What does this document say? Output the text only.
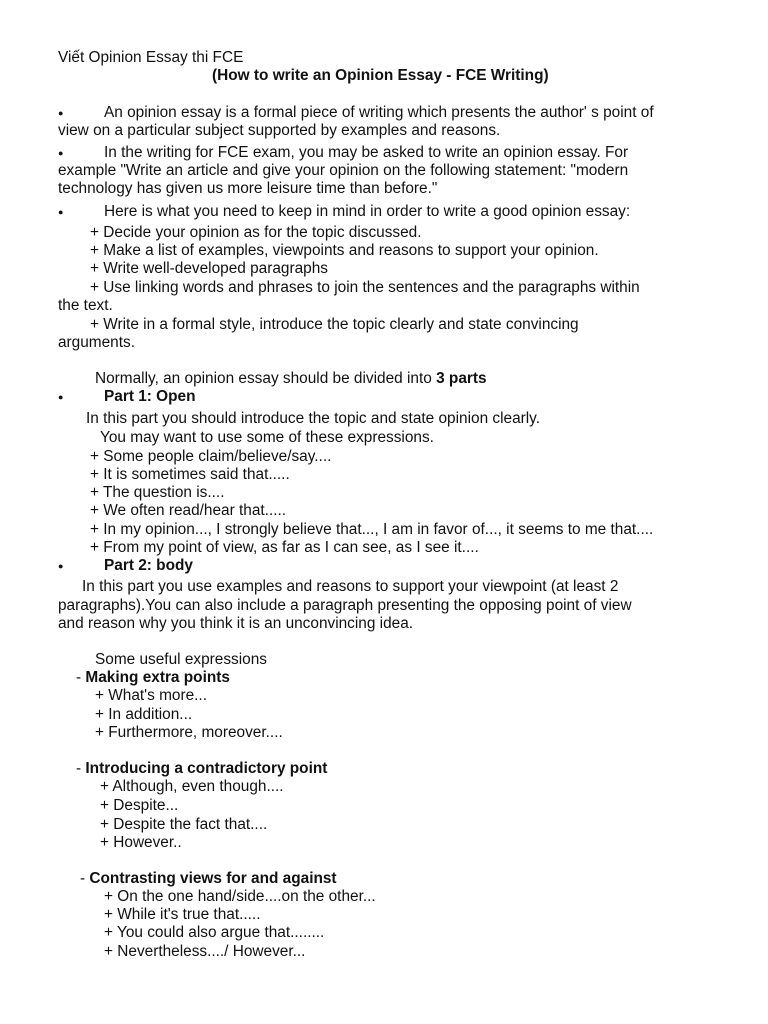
Viết Opinion Essay thi FCE
(How to write an Opinion Essay - FCE Writing)
●	An opinion essay is a formal piece of writing which presents the author' s point of
view on a particular subject supported by examples and reasons.
●	In the writing for FCE exam, you may be asked to write an opinion essay. For
example "Write an article and give your opinion on the following statement: "modern
technology has given us more leisure time than before."
●	Here is what you need to keep in mind in order to write a good opinion essay:
+ Decide your opinion as for the topic discussed.
+ Make a list of examples, viewpoints and reasons to support your opinion.
+ Write well-developed paragraphs
+ Use linking words and phrases to join the sentences and the paragraphs within
the text.
+ Write in a formal style, introduce the topic clearly and state convincing
arguments.
Normally, an opinion essay should be divided into 3 parts
●	Part 1: Open
In this part you should introduce the topic and state opinion clearly.
You may want to use some of these expressions.
+ Some people claim/believe/say....
+ It is sometimes said that.....
+ The question is....
+ We often read/hear that.....
+ In my opinion..., I strongly believe that..., I am in favor of..., it seems to me that....
+ From my point of view, as far as I can see, as I see it....
●	Part 2: body
In this part you use examples and reasons to support your viewpoint (at least 2
paragraphs).You can also include a paragraph presenting the opposing point of view
and reason why you think it is an unconvincing idea.
Some useful expressions
- Making extra points
+ What's more...
+ In addition...
+ Furthermore, moreover....
- Introducing a contradictory point
+ Although, even though....
+ Despite...
+ Despite the fact that....
+ However..
- Contrasting views for and against
+ On the one hand/side....on the other...
+ While it's true that.....
+ You could also argue that........
+ Nevertheless..../ However...
